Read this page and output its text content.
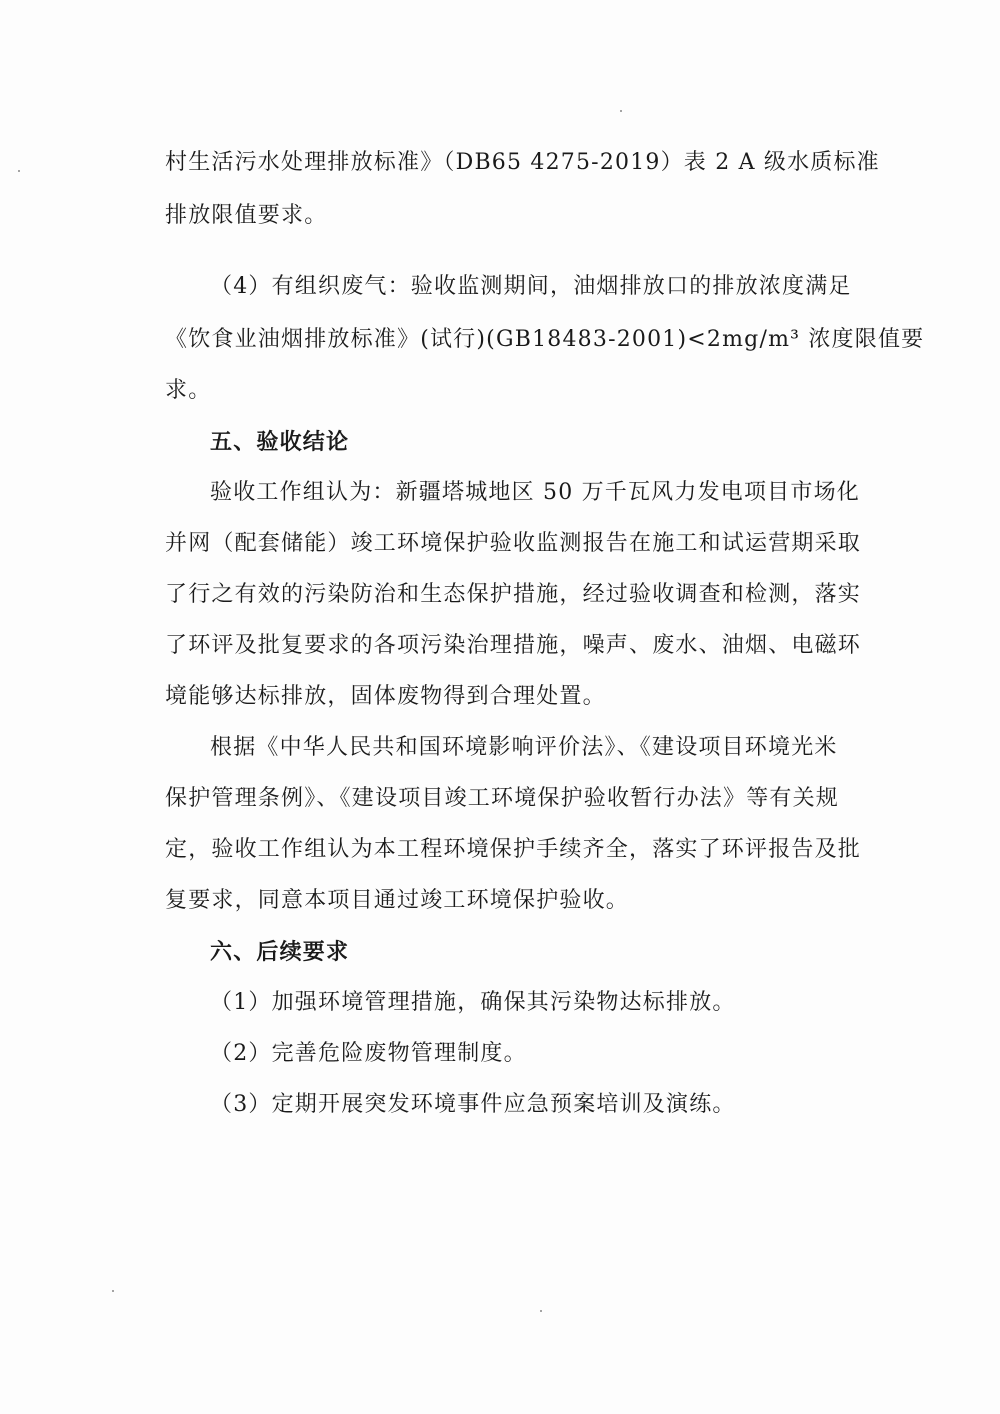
村生活污水处理排放标准》（DB65 4275-2019）表 2 A 级水质标准
排放限值要求。
（4）有组织废气：验收监测期间，油烟排放口的排放浓度满足
《饮食业油烟排放标准》(试行)(GB18483-2001)<2mg/m³ 浓度限值要
求。
五、验收结论
验收工作组认为：新疆塔城地区 50 万千瓦风力发电项目市场化
并网（配套储能）竣工环境保护验收监测报告在施工和试运营期采取
了行之有效的污染防治和生态保护措施，经过验收调查和检测，落实
了环评及批复要求的各项污染治理措施，噪声、废水、油烟、电磁环
境能够达标排放，固体废物得到合理处置。
根据《中华人民共和国环境影响评价法》、《建设项目环境光米
保护管理条例》、《建设项目竣工环境保护验收暂行办法》等有关规
定，验收工作组认为本工程环境保护手续齐全，落实了环评报告及批
复要求，同意本项目通过竣工环境保护验收。
六、后续要求
（1）加强环境管理措施，确保其污染物达标排放。
（2）完善危险废物管理制度。
（3）定期开展突发环境事件应急预案培训及演练。
